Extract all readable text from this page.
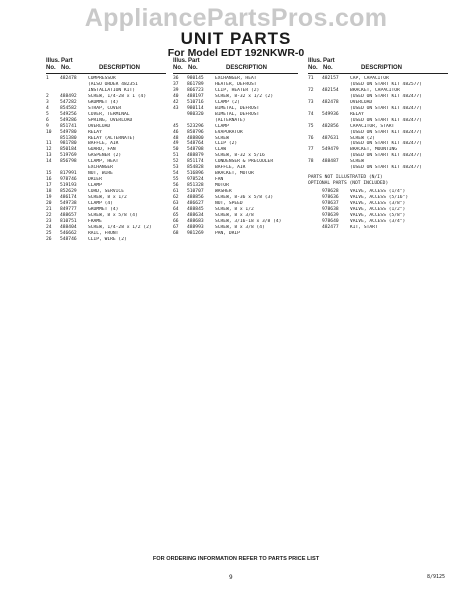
AppliancePartsPros.com
UNIT PARTS
For Model EDT 192NKWR-0
Illus. Part
No. No.	DESCRIPTION
1	482478	COMPRESSOR
(ALSO ORDER 482351
INSTALLATION KIT)
2	488492	SCREW, 1/4-28 x 1 (4)
3	547282	GROMMET (4)
4	854582	STRAP, COVER
5	549256	COVER, TERMINAL
6	549286	SPRING, OVERLOAD
9	851741	OVERLOAD
10	549780	RELAY
851380	RELAY (ALTERNATE)
11	981780	BAFFLE, AIR
12	850184	GUARD, FAN
13	519769	GASPENER (2)
14	856798	CLAMP, HEAT
EXCHANGER
15	817991	NUT, WIRE
16	978746	DRIER
17	519193	CLAMP
18	852629	CORD, SERVICE
19	486174	SCREW, 8 x 1/2
20	549738	CLAMP (4)
21	849777	GROMMET (4)
22	488657	SCREW, 8 x 5/8 (4)
23	810751	FRAME
24	488404	SCREW, 1/4-28 x 1/2 (2)
25	546662	RAIL, FRONT
26	548746	CLIP, WIRE (2)
Illus. Part
No. No.	DESCRIPTION
36	980145	EXCHANGER, HEAT
37	861789	HEATER, DEFROST
39	866723	CLIP, HEATER (2)
40	488197	SCREW, 8-32 x 1/2 (2)
42	510716	CLAMP (2)
43	980114	BIMETAL, DEFROST
980320	BIMETAL, DEFROST
(ALTERNATE)
45	523296	CLAMP
46	858796	EVAPORATOR
48	488800	SCREW
49	548764	CLIP (2)
50	548708	CLAW
51	488879	SCREW, 8-32 x 5/16
52	851174	CONDENSER & PRECOOLER
53	854828	BAFFLE, AIR
54	516896	BRACKET, MOTOR
55	978524	FAN
56	851328	MOTOR
61	510707	WASHER
62	488856	SCREW, 8-36 x 5/8 (3)
63	486627	NUT, SPEED
64	488845	SCREW, 8 x 1/2
65	488634	SCREW, 8 x 3/8
66	488683	SCREW, 3/16-18 x 3/8 (4)
67	488993	SCREW, 8 x 3/8 (4)
68	981269	PAN, DRIP
Illus. Part
No. No.	DESCRIPTION
71	482157	CAP, CAPACITOR
(USED ON START KIT 482577)
72	482154	BRACKET, CAPACITOR
(USED ON START KIT 482477)
73	482478	OVERLOAD
(USED ON START KIT 482477)
74	549936	RELAY
(USED ON START KIT 482477)
75	482856	CAPACITOR, START
(USED ON START KIT 482477)
76	487631	SCREW (2)
(USED ON START KIT 482477)
77	549479	BRACKET, MOUNTING
(USED ON START KIT 482477)
78	488487	SCREW
(USED ON START KIT 482477)
PARTS NOT ILLUSTRATED (N/I)
OPTIONAL PARTS (NOT INCLUDED)
978628	VALVE, ACCESS (1/4")
978636	VALVE, ACCESS (5/16")
978637	VALVE, ACCESS (3/8")
978638	VALVE, ACCESS (1/2")
978639	VALVE, ACCESS (5/8")
978640	VALVE, ACCESS (3/4")
482477	KIT, START
FOR ORDERING INFORMATION REFER TO PARTS PRICE LIST
9	8/9125
